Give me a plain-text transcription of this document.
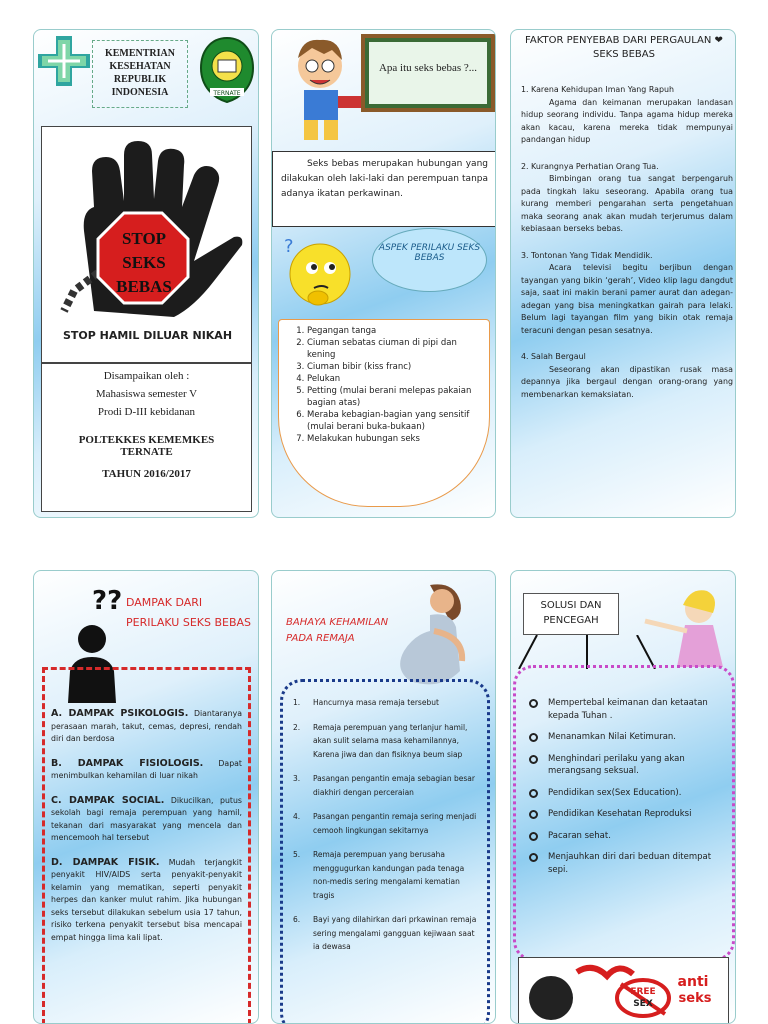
KEMENTRIAN
KESEHATAN
REPUBLIK
INDONESIA	TERNATE
STOP
SEKS
BEBAS
STOP HAMIL DILUAR NIKAH
Disampaikan oleh :
Mahasiswa semester V
Prodi D-III kebidanan
POLTEKKES KEMEMKES TERNATE
TAHUN 2016/2017
Apa itu seks bebas ?...
Seks bebas merupakan hubungan yang dilakukan oleh laki-laki dan perempuan tanpa adanya ikatan perkawinan.
?	ASPEK PERILAKU SEKS BEBAS
1. Pegangan tanga
2. Ciuman sebatas ciuman di pipi dan kening
3. Ciuman bibir (kiss franc)
4. Pelukan
5. Petting (mulai berani melepas pakaian bagian atas)
6. Meraba kebagian-bagian yang sensitif (mulai berani buka-bukaan)
7. Melakukan hubungan seks
FAKTOR PENYEBAB DARI PERGAULAN ❤ SEKS BEBAS
1. Karena Kehidupan Iman Yang Rapuh
Agama dan keimanan merupakan landasan hidup seorang individu. Tanpa agama hidup mereka akan kacau, karena mereka tidak mempunyai pandangan hidup
2. Kurangnya Perhatian Orang Tua.
Bimbingan orang tua sangat berpengaruh pada tingkah laku seseorang. Apabila orang tua kurang memberi pengarahan serta pengetahuan maka seorang anak akan mudah terjerumus dalam kebiasaan berseks bebas.
3. Tontonan Yang Tidak Mendidik.
Acara televisi begitu berjibun dengan tayangan yang bikin ‘gerah’, Video klip lagu dangdut saja, saat ini makin berani pamer aurat dan adegan-adegan yang bisa meningkatkan gairah para lelaki. Belum lagi tayangan film yang bikin otak remaja teracuni dengan pesan sesatnya.
4. Salah Bergaul
Seseorang akan dipastikan rusak masa depannya jika bergaul dengan orang-orang yang membenarkan kemaksiatan.
?? DAMPAK DARI PERILAKU SEKS BEBAS
A. DAMPAK PSIKOLOGIS. Diantaranya perasaan marah, takut, cemas, depresi, rendah diri dan berdosa
B. DAMPAK FISIOLOGIS. Dapat menimbulkan kehamilan di luar nikah
C. DAMPAK SOCIAL. Dikucilkan, putus sekolah bagi remaja perempuan yang hamil, tekanan dari masyarakat yang mencela dan mencemooh hal tersebut
D. DAMPAK FISIK. Mudah terjangkit penyakit HIV/AIDS serta penyakit-penyakit kelamin yang mematikan, seperti penyakit herpes dan kanker mulut rahim. Jika hubungan seks tersebut dilakukan sebelum usia 17 tahun, risiko terkena penyakit tersebut bisa mencapai empat hingga lima kali lipat.
BAHAYA KEHAMILAN PADA REMAJA
1.	Hancurnya masa remaja tersebut
2.	Remaja perempuan yang terlanjur hamil, akan sulit selama masa kehamilannya, Karena jiwa dan dan fisiknya beum siap
3.	Pasangan pengantin emaja sebagian besar diakhiri dengan perceraian
4.	Pasangan pengantin remaja sering menjadi cemooh lingkungan sekitarnya
5.	Remaja perempuan yang berusaha menggugurkan kandungan pada tenaga non-medis sering mengalami kematian tragis
6.	Bayi yang dilahirkan dari prkawinan remaja sering mengalami gangguan kejiwaan saat ia dewasa
SOLUSI DAN PENCEGAH
Mempertebal keimanan dan ketaatan kepada Tuhan .
Menanamkan Nilai Ketimuran.
Menghindari perilaku yang akan merangsang seksual.
Pendidikan sex(Sex Education).
Pendidikan Kesehatan Reproduksi
Pacaran sehat.
Menjauhkan diri dari beduan ditempat sepi.
FREE
SEX
anti
seks
